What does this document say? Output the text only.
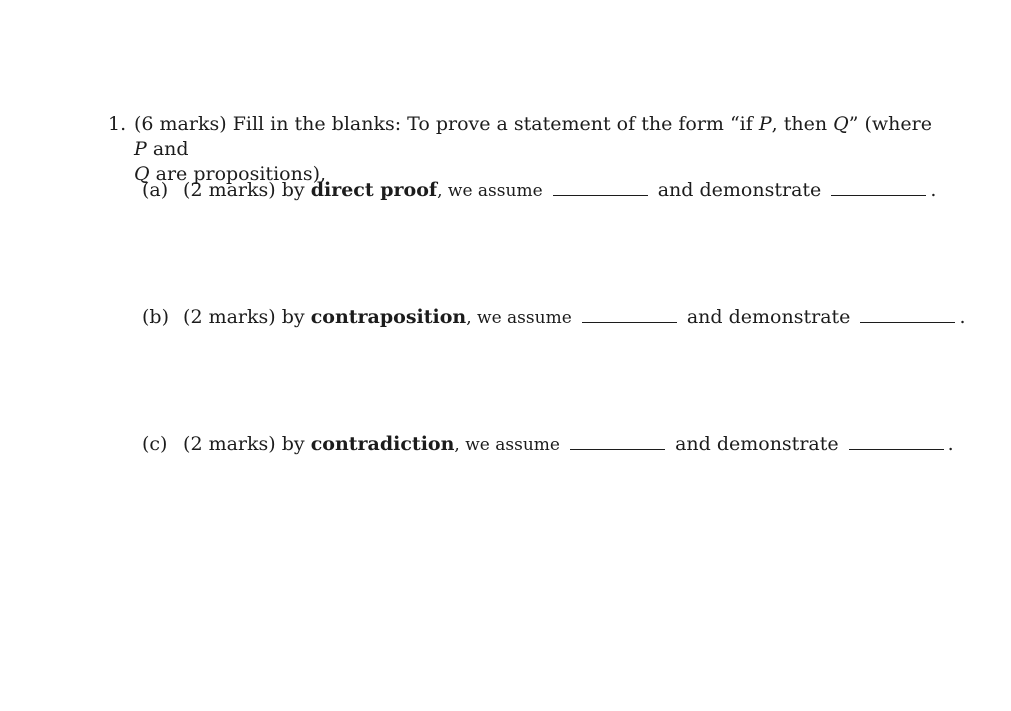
1. (6 marks) Fill in the blanks: To prove a statement of the form “if P, then Q” (where P and
Q are propositions),
(a) (2 marks) by direct proof, we assume	and demonstrate	.
(b) (2 marks) by contraposition, we assume	and demonstrate	.
(c) (2 marks) by contradiction, we assume	and demonstrate	.
